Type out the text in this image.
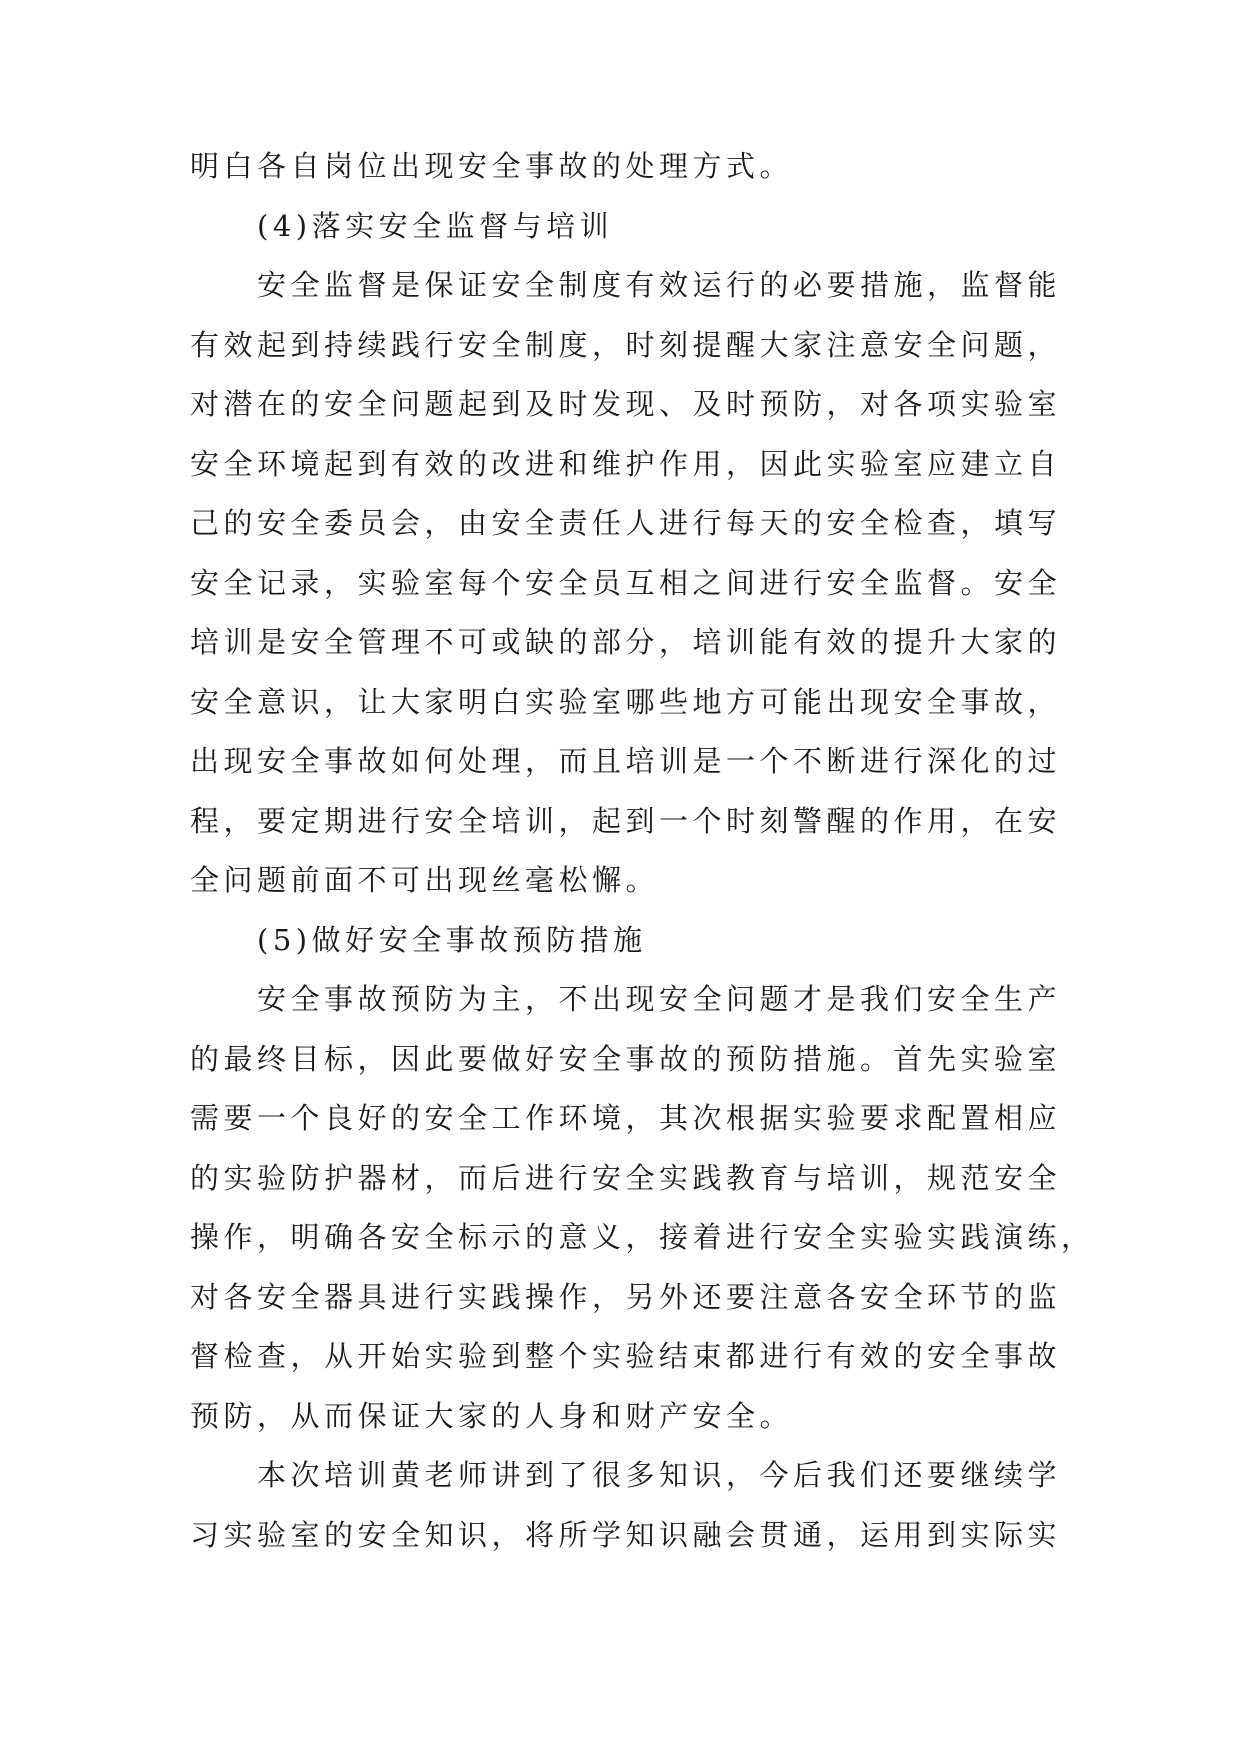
明白各自岗位出现安全事故的处理方式。

(4)落实安全监督与培训

安全监督是保证安全制度有效运行的必要措施，监督能

有效起到持续践行安全制度，时刻提醒大家注意安全问题，

对潜在的安全问题起到及时发现、及时预防，对各项实验室

安全环境起到有效的改进和维护作用，因此实验室应建立自

己的安全委员会，由安全责任人进行每天的安全检查，填写

安全记录，实验室每个安全员互相之间进行安全监督。安全

培训是安全管理不可或缺的部分，培训能有效的提升大家的

安全意识，让大家明白实验室哪些地方可能出现安全事故，

出现安全事故如何处理，而且培训是一个不断进行深化的过

程，要定期进行安全培训，起到一个时刻警醒的作用，在安

全问题前面不可出现丝毫松懈。

(5)做好安全事故预防措施

安全事故预防为主，不出现安全问题才是我们安全生产

的最终目标，因此要做好安全事故的预防措施。首先实验室

需要一个良好的安全工作环境，其次根据实验要求配置相应

的实验防护器材，而后进行安全实践教育与培训，规范安全

操作，明确各安全标示的意义，接着进行安全实验实践演练，

对各安全器具进行实践操作，另外还要注意各安全环节的监

督检查，从开始实验到整个实验结束都进行有效的安全事故

预防，从而保证大家的人身和财产安全。

本次培训黄老师讲到了很多知识，今后我们还要继续学

习实验室的安全知识，将所学知识融会贯通，运用到实际实
